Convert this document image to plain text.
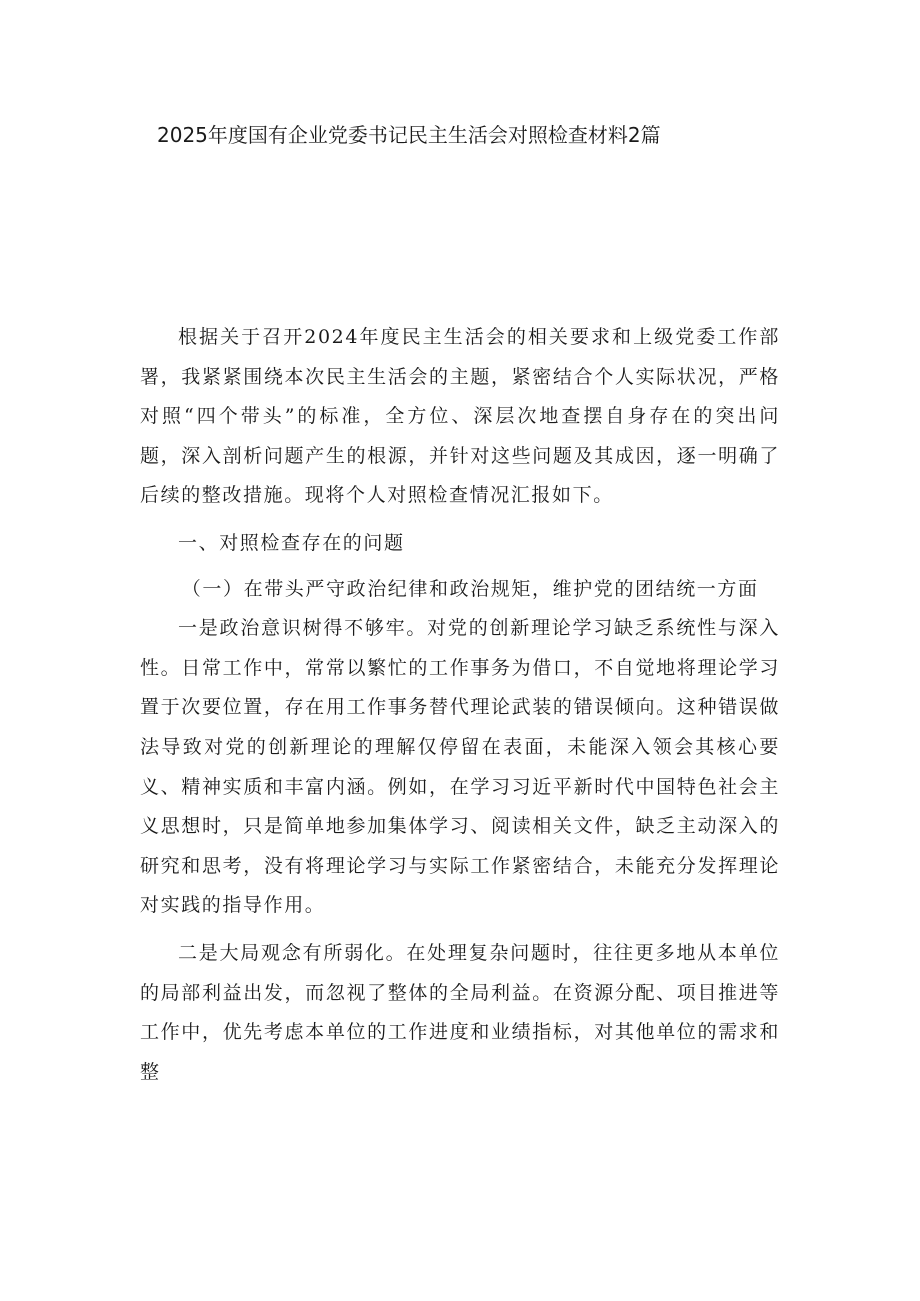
2025年度国有企业党委书记民主生活会对照检查材料2篇

根据关于召开2024年度民主生活会的相关要求和上级党委工作部署，我紧紧围绕本次民主生活会的主题，紧密结合个人实际状况，严格对照“四个带头”的标准，全方位、深层次地查摆自身存在的突出问题，深入剖析问题产生的根源，并针对这些问题及其成因，逐一明确了后续的整改措施。现将个人对照检查情况汇报如下。

一、对照检查存在的问题

（一）在带头严守政治纪律和政治规矩，维护党的团结统一方面

一是政治意识树得不够牢。对党的创新理论学习缺乏系统性与深入性。日常工作中，常常以繁忙的工作事务为借口，不自觉地将理论学习置于次要位置，存在用工作事务替代理论武装的错误倾向。这种错误做法导致对党的创新理论的理解仅停留在表面，未能深入领会其核心要义、精神实质和丰富内涵。例如，在学习习近平新时代中国特色社会主义思想时，只是简单地参加集体学习、阅读相关文件，缺乏主动深入的研究和思考，没有将理论学习与实际工作紧密结合，未能充分发挥理论对实践的指导作用。

二是大局观念有所弱化。在处理复杂问题时，往往更多地从本单位的局部利益出发，而忽视了整体的全局利益。在资源分配、项目推进等工作中，优先考虑本单位的工作进度和业绩指标，对其他单位的需求和整
